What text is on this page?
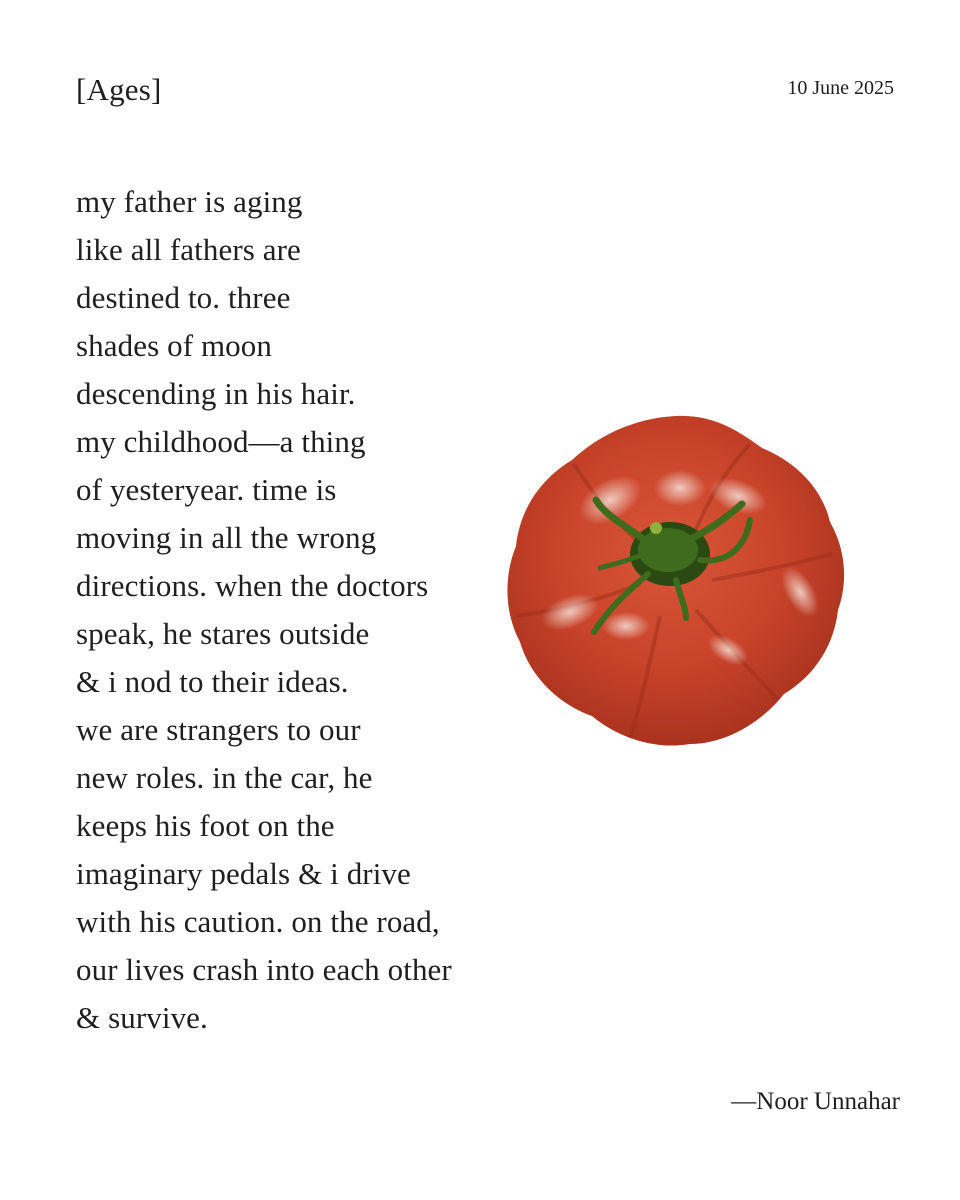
[Ages]	10 June 2025
my father is aging
like all fathers are
destined to. three
shades of moon
descending in his hair.
my childhood—a thing
of yesteryear. time is
moving in all the wrong
directions. when the doctors
speak, he stares outside
& i nod to their ideas.
we are strangers to our
new roles. in the car, he
keeps his foot on the
imaginary pedals & i drive
with his caution. on the road,
our lives crash into each other
& survive.
—Noor Unnahar
